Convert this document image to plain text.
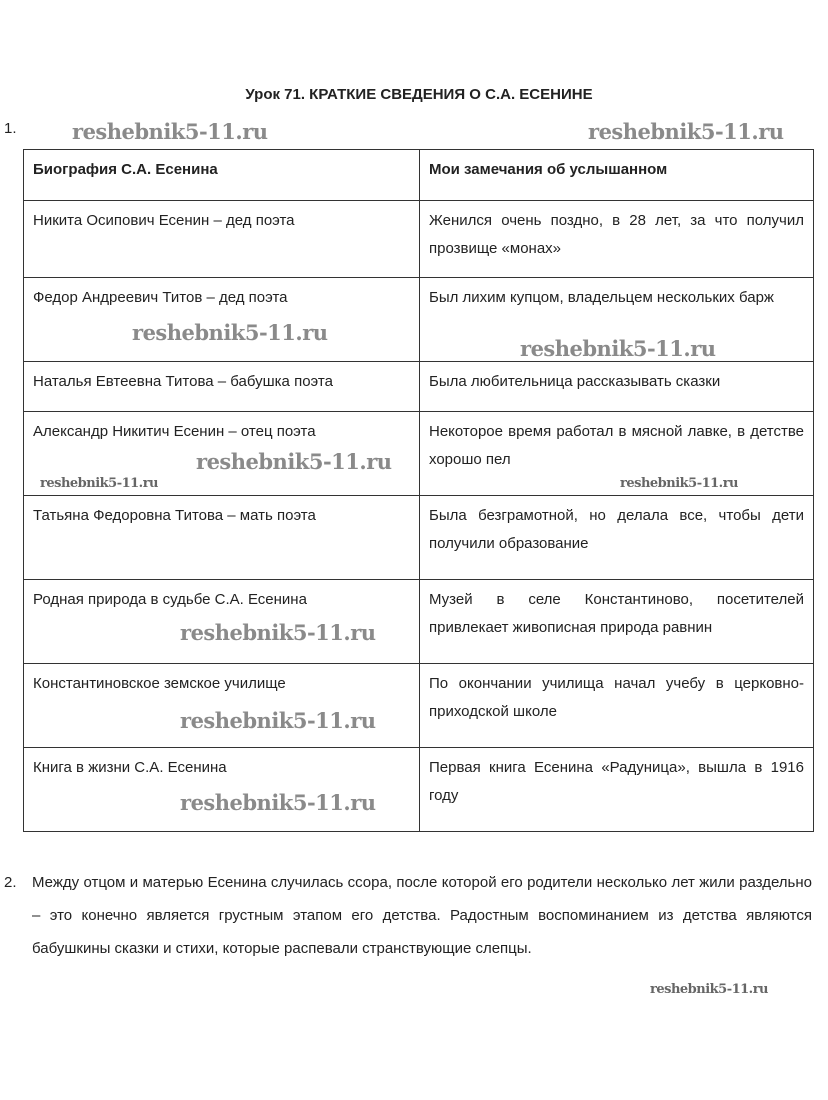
Урок 71. КРАТКИЕ СВЕДЕНИЯ О С.А. ЕСЕНИНЕ
1.
Биография С.А. Есенина	Мои замечания об услышанном
Никита Осипович Есенин – дед поэта	Женился очень поздно, в 28 лет, за что получил прозвище «монах»
Федор Андреевич Титов – дед поэта	Был лихим купцом, владельцем нескольких барж
Наталья Евтеевна Титова – бабушка поэта	Была любительница рассказывать сказки
Александр Никитич Есенин – отец поэта	Некоторое время работал в мясной лавке, в детстве хорошо пел
Татьяна Федоровна Титова – мать поэта	Была безграмотной, но делала все, чтобы дети получили образование
Родная природа в судьбе С.А. Есенина	Музей в селе Константиново, посетителей привлекает живописная природа равнин
Константиновское земское училище	По окончании училища начал учебу в церковно-приходской школе
Книга в жизни С.А. Есенина	Первая книга Есенина «Радуница», вышла в 1916 году
2. Между отцом и матерью Есенина случилась ссора, после которой его родители несколько лет жили раздельно – это конечно является грустным этапом его детства. Радостным воспоминанием из детства являются бабушкины сказки и стихи, которые распевали странствующие слепцы.
reshebnik5-11.ru	reshebnik5-11.ru
reshebnik5-11.ru
reshebnik5-11.ru
reshebnik5-11.ru
reshebnik5-11.ru
reshebnik5-11.ru
reshebnik5-11.ru
reshebnik5-11.ru
reshebnik5-11.ru
reshebnik5-11.ru
